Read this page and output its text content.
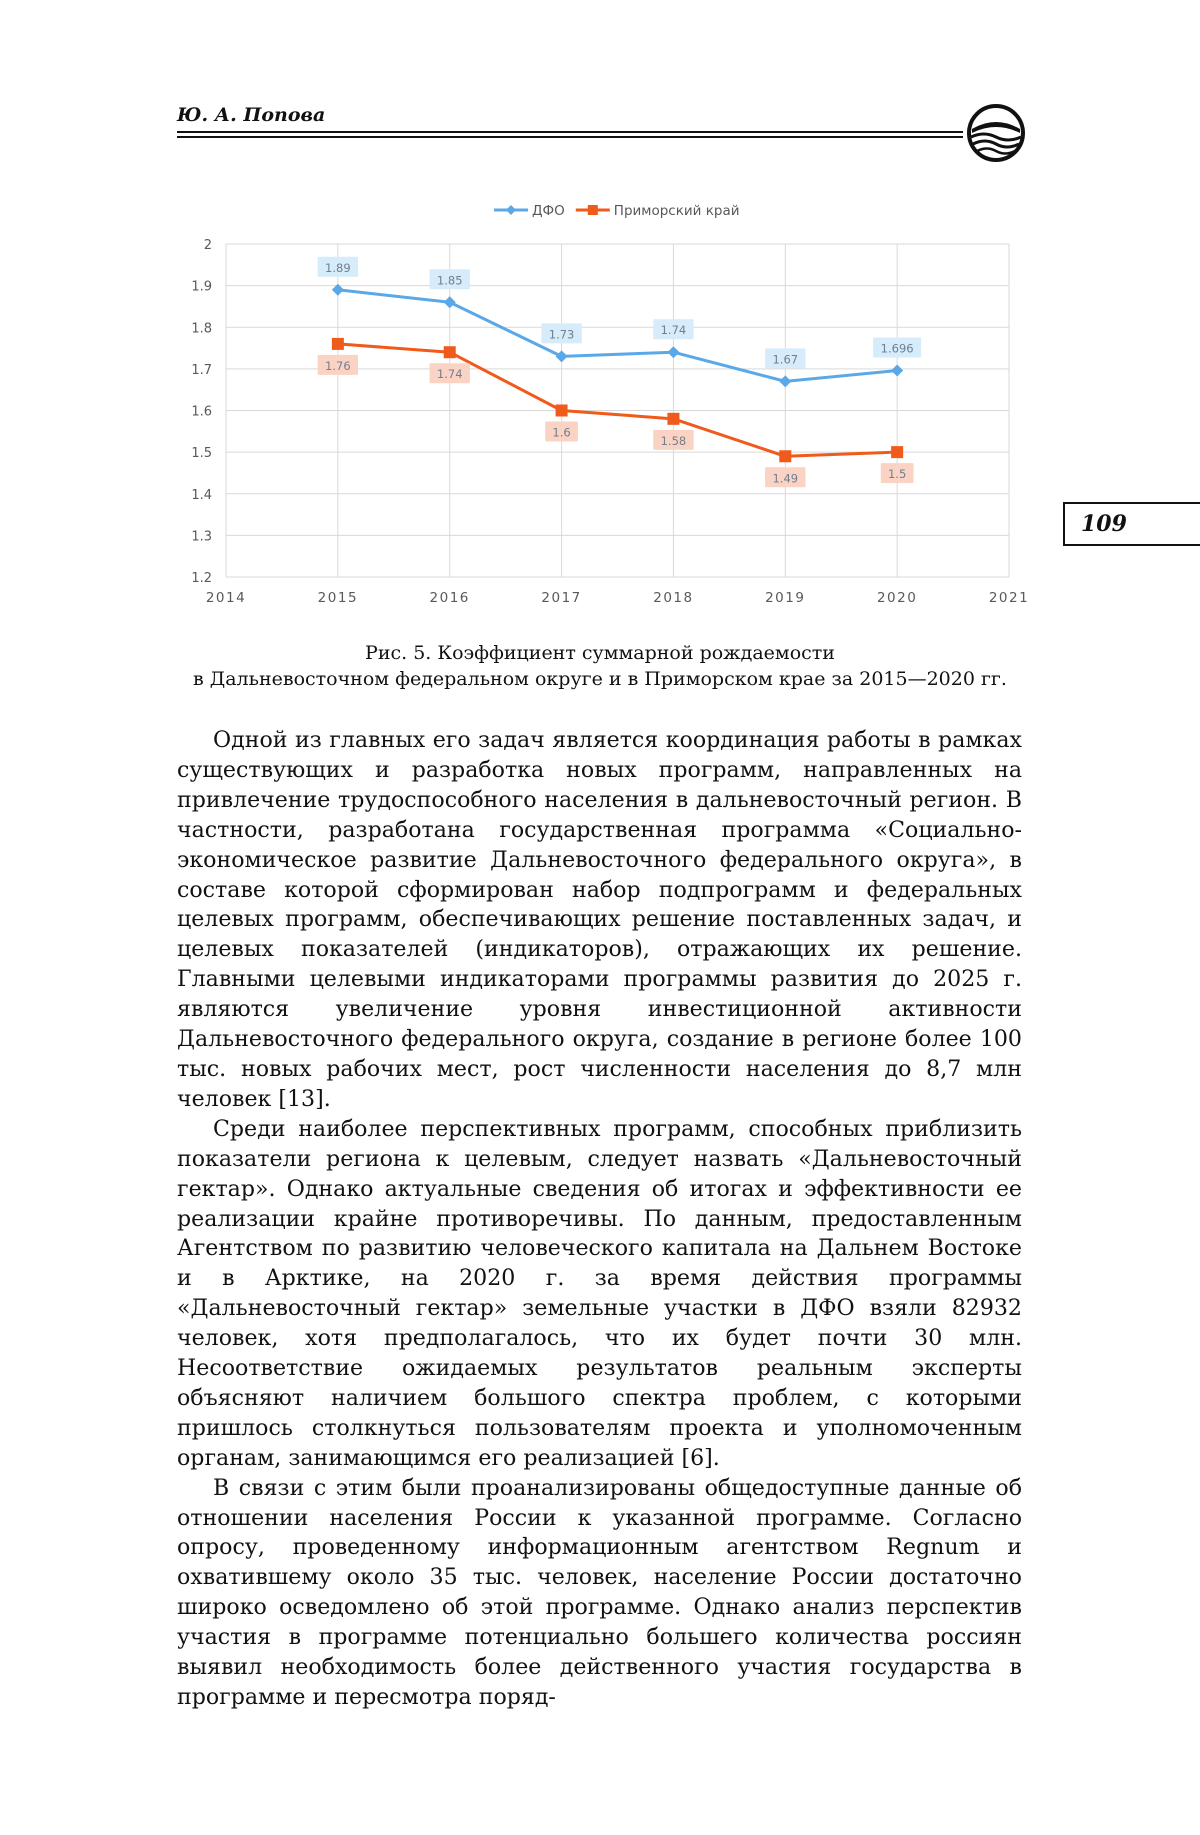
Ю. А. Попова
109
ДФО	Приморский край
1.2
1.3
1.4
1.5
1.6
1.7
1.8
1.9
2
2014	2015	2016	2017	2018	2019	2020	2021
1.89
1.85
1.73	1.74
1.67
1.696
1.76
1.74
1.6
1.58
1.49	1.5
Рис. 5. Коэффициент суммарной рождаемости
в Дальневосточном федеральном округе и в Приморском крае за 2015—2020 гг.

Одной из главных его задач является координация работы в рамках существующих и разработка новых программ, направленных на привлечение трудоспособного населения в дальневосточный регион. В частности, разработана государственная программа «Социально-экономическое развитие Дальневосточного федерального округа», в составе которой сформирован набор подпрограмм и федеральных целевых программ, обеспечивающих решение поставленных задач, и целевых показателей (индикаторов), отражающих их решение. Главными целевыми индикаторами программы развития до 2025 г. являются увеличение уровня инвестиционной активности Дальневосточного федерального округа, создание в регионе более 100 тыс. новых рабочих мест, рост численности населения до 8,7 млн человек [13].

Среди наиболее перспективных программ, способных приблизить показатели региона к целевым, следует назвать «Дальневосточный гектар». Однако актуальные сведения об итогах и эффективности ее реализации крайне противоречивы. По данным, предоставленным Агентством по развитию человеческого капитала на Дальнем Востоке и в Арктике, на 2020 г. за время действия программы «Дальневосточный гектар» земельные участки в ДФО взяли 82932 человек, хотя предполагалось, что их будет почти 30 млн. Несоответствие ожидаемых результатов реальным эксперты объясняют наличием большого спектра проблем, с которыми пришлось столкнуться пользователям проекта и уполномоченным органам, занимающимся его реализацией [6].

В связи с этим были проанализированы общедоступные данные об отношении населения России к указанной программе. Согласно опросу, проведенному информационным агентством Regnum и охватившему около 35 тыс. человек, население России достаточно широко осведомлено об этой программе. Однако анализ перспектив участия в программе потенциально большего количества россиян выявил необходимость более действенного участия государства в программе и пересмотра поряд-
